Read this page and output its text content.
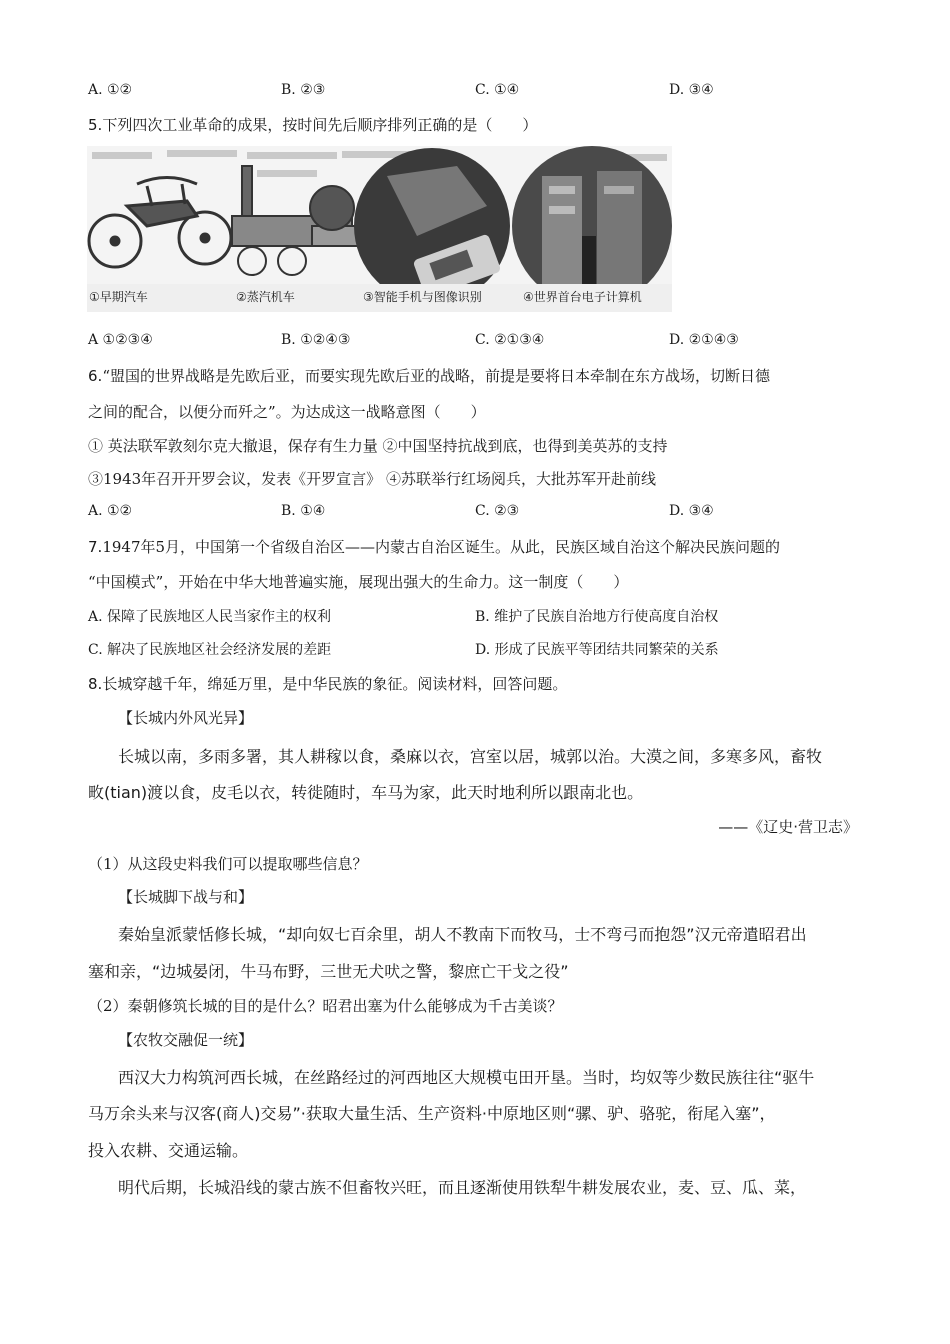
A. ①②	B. ②③	C. ①④	D. ③④
5.下列四次工业革命的成果，按时间先后顺序排列正确的是（　　）
①早期汽车	②蒸汽机车	③智能手机与图像识别	④世界首台电子计算机
A ①②③④	B. ①②④③	C. ②①③④	D. ②①④③
6.“盟国的世界战略是先欧后亚，而要实现先欧后亚的战略，前提是要将日本牵制在东方战场，切断日德
之间的配合，以便分而歼之”。为达成这一战略意图（　　）
① 英法联军敦刻尔克大撤退，保存有生力量 ②中国坚持抗战到底，也得到美英苏的支持
③1943年召开开罗会议，发表《开罗宣言》 ④苏联举行红场阅兵，大批苏军开赴前线
A. ①②	B. ①④	C. ②③	D. ③④
7.1947年5月，中国第一个省级自治区——内蒙古自治区诞生。从此，民族区域自治这个解决民族问题的
“中国模式”，开始在中华大地普遍实施，展现出强大的生命力。这一制度（　　）
A. 保障了民族地区人民当家作主的权利	B. 维护了民族自治地方行使高度自治权
C. 解决了民族地区社会经济发展的差距	D. 形成了民族平等团结共同繁荣的关系
8.长城穿越千年，绵延万里，是中华民族的象征。阅读材料，回答问题。
【长城内外风光异】
长城以南，多雨多署，其人耕稼以食，桑麻以衣，宫室以居，城郭以治。大漠之间，多寒多风，畜牧
畋(tian)渡以食，皮毛以衣，转徙随时，车马为家，此天时地利所以跟南北也。
——《辽史·营卫志》
（1）从这段史料我们可以提取哪些信息？
【长城脚下战与和】
秦始皇派蒙恬修长城，“却向奴七百余里，胡人不教南下而牧马，士不弯弓而抱怨”汉元帝遣昭君出
塞和亲，“边城晏闭，牛马布野，三世无犬吠之警，黎庶亡干戈之役”
（2）秦朝修筑长城的目的是什么？昭君出塞为什么能够成为千古美谈？
【农牧交融促一统】
西汉大力构筑河西长城，在丝路经过的河西地区大规模屯田开垦。当时，均奴等少数民族往往“驱牛
马万余头来与汉客(商人)交易”·获取大量生活、生产资料·中原地区则“骡、驴、骆驼，衔尾入塞”，
投入农耕、交通运输。
明代后期，长城沿线的蒙古族不但畜牧兴旺，而且逐渐使用铁犁牛耕发展农业，麦、豆、瓜、菜，
